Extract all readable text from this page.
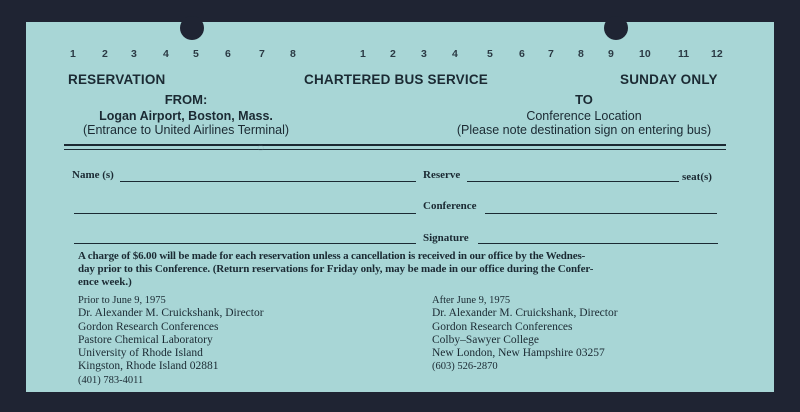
1 2 3 4 5 6	7 8	1 2 3 4	5 6 7 8 9 10	11 12
RESERVATION	CHARTERED BUS SERVICE	SUNDAY ONLY
FROM:
Logan Airport, Boston, Mass.
(Entrance to United Airlines Terminal)
TO
Conference Location
(Please note destination sign on entering bus)
◦
Name (s)	Reserve	seat(s)
Conference
Signature
A charge of $6.00 will be made for each reservation unless a cancellation is received in our office by the Wednes-
day prior to this Conference. (Return reservations for Friday only, may be made in our office during the Confer-
ence week.)
Prior to June 9, 1975
Dr. Alexander M. Cruickshank, Director
Gordon Research Conferences
Pastore Chemical Laboratory
University of Rhode Island
Kingston, Rhode Island 02881
(401) 783-4011
After June 9, 1975
Dr. Alexander M. Cruickshank, Director
Gordon Research Conferences
Colby–Sawyer College
New London, New Hampshire 03257
(603) 526-2870
